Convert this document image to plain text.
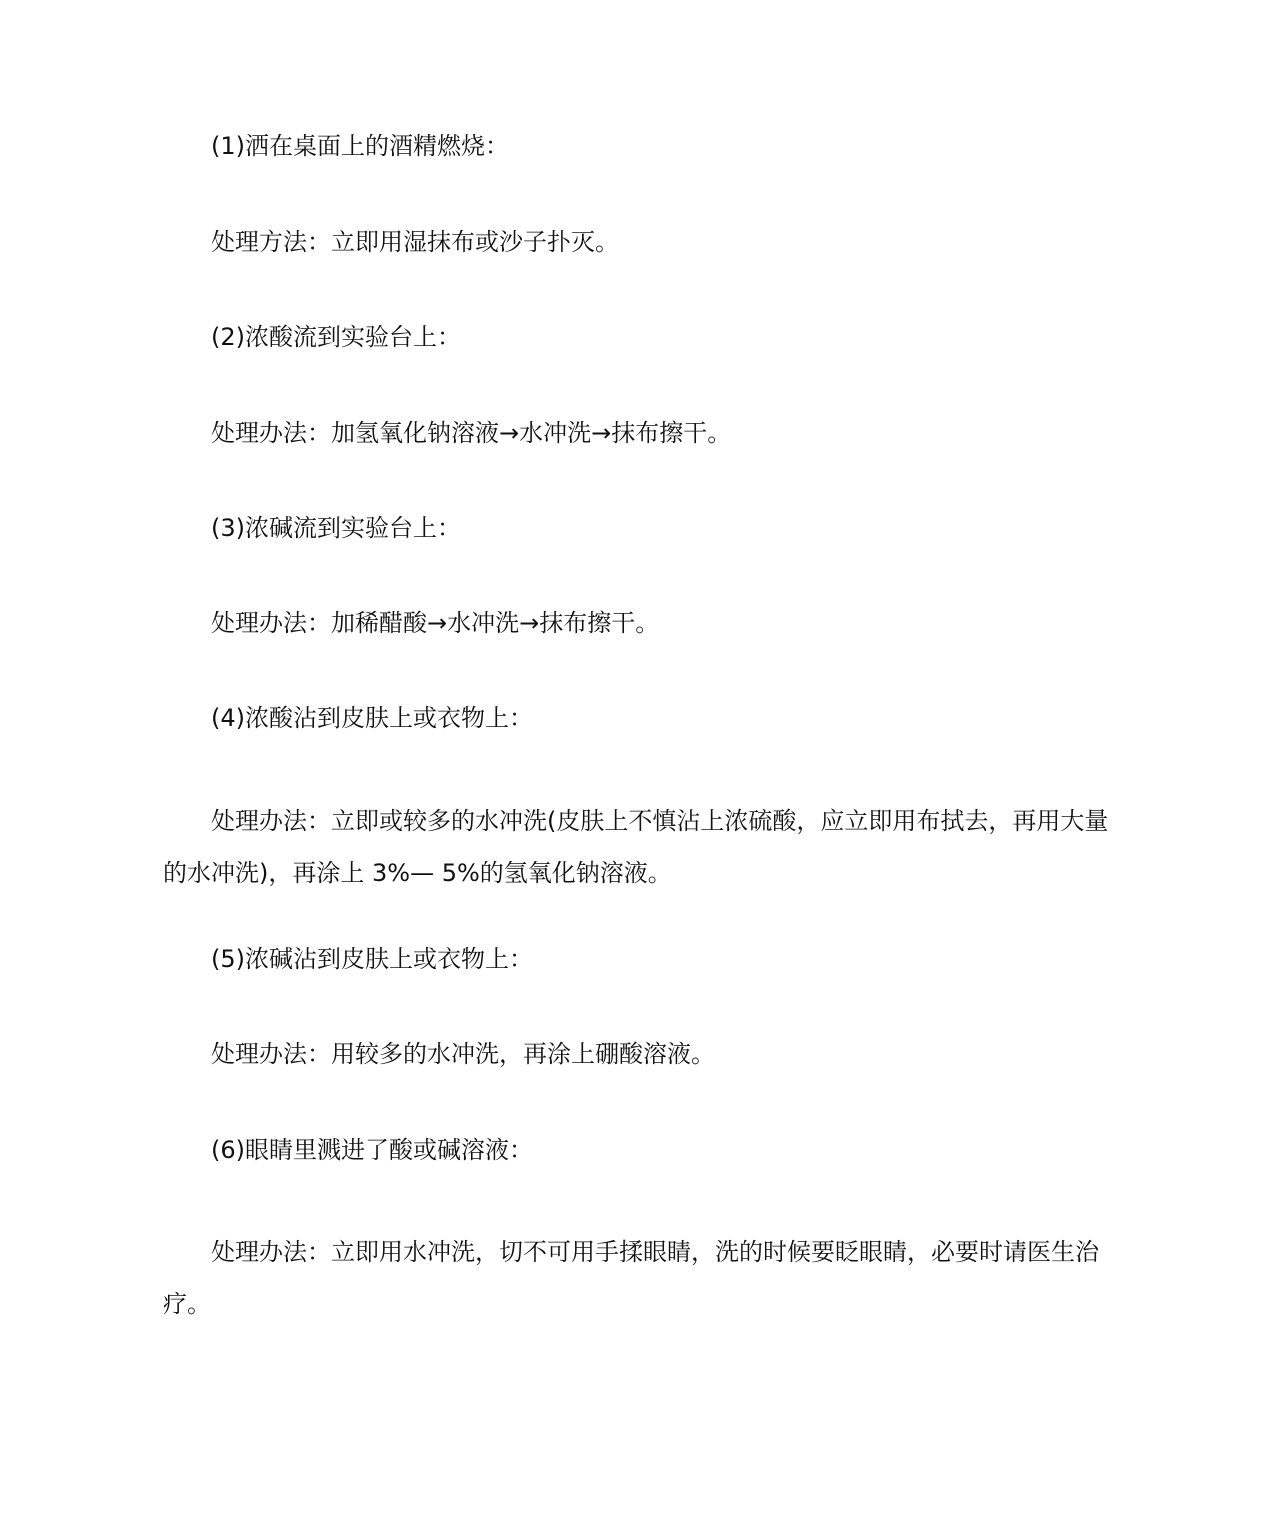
(1)洒在桌面上的酒精燃烧：

处理方法：立即用湿抹布或沙子扑灭。

(2)浓酸流到实验台上：

处理办法：加氢氧化钠溶液→水冲洗→抹布擦干。

(3)浓碱流到实验台上：

处理办法：加稀醋酸→水冲洗→抹布擦干。

(4)浓酸沾到皮肤上或衣物上：

处理办法：立即或较多的水冲洗(皮肤上不慎沾上浓硫酸，应立即用布拭去，再用大量的水冲洗)，再涂上 3%— 5%的氢氧化钠溶液。

(5)浓碱沾到皮肤上或衣物上：

处理办法：用较多的水冲洗，再涂上硼酸溶液。

(6)眼睛里溅进了酸或碱溶液：

处理办法：立即用水冲洗，切不可用手揉眼睛，洗的时候要眨眼睛，必要时请医生治疗。
